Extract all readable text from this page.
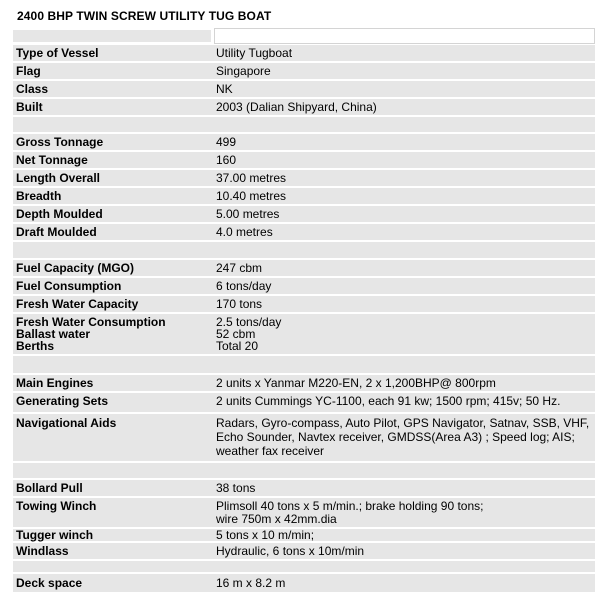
2400 BHP TWIN SCREW UTILITY TUG BOAT
Type of Vessel	Utility Tugboat
Flag	Singapore
Class	NK
Built	2003 (Dalian Shipyard, China)
Gross Tonnage	499
Net Tonnage	160
Length Overall	37.00 metres
Breadth	10.40 metres
Depth Moulded	5.00 metres
Draft Moulded	4.0 metres
Fuel Capacity (MGO)	247 cbm
Fuel Consumption	6 tons/day
Fresh Water Capacity	170 tons
Fresh Water Consumption	2.5 tons/day
Ballast water	52 cbm
Berths	Total 20
Main Engines	2 units x Yanmar M220-EN, 2 x 1,200BHP@ 800rpm
Generating Sets	2 units Cummings YC-1100, each 91 kw; 1500 rpm; 415v; 50 Hz.
Navigational Aids	Radars, Gyro-compass, Auto Pilot, GPS Navigator, Satnav, SSB, VHF, Echo Sounder, Navtex receiver, GMDSS(Area A3) ; Speed log; AIS; weather fax receiver
Bollard Pull	38 tons
Towing Winch	Plimsoll 40 tons x 5 m/min.; brake holding 90 tons;
wire 750m x 42mm.dia
Tugger winch	5 tons x 10 m/min;
Windlass	Hydraulic, 6 tons x 10m/min
Deck space	16 m x 8.2 m
